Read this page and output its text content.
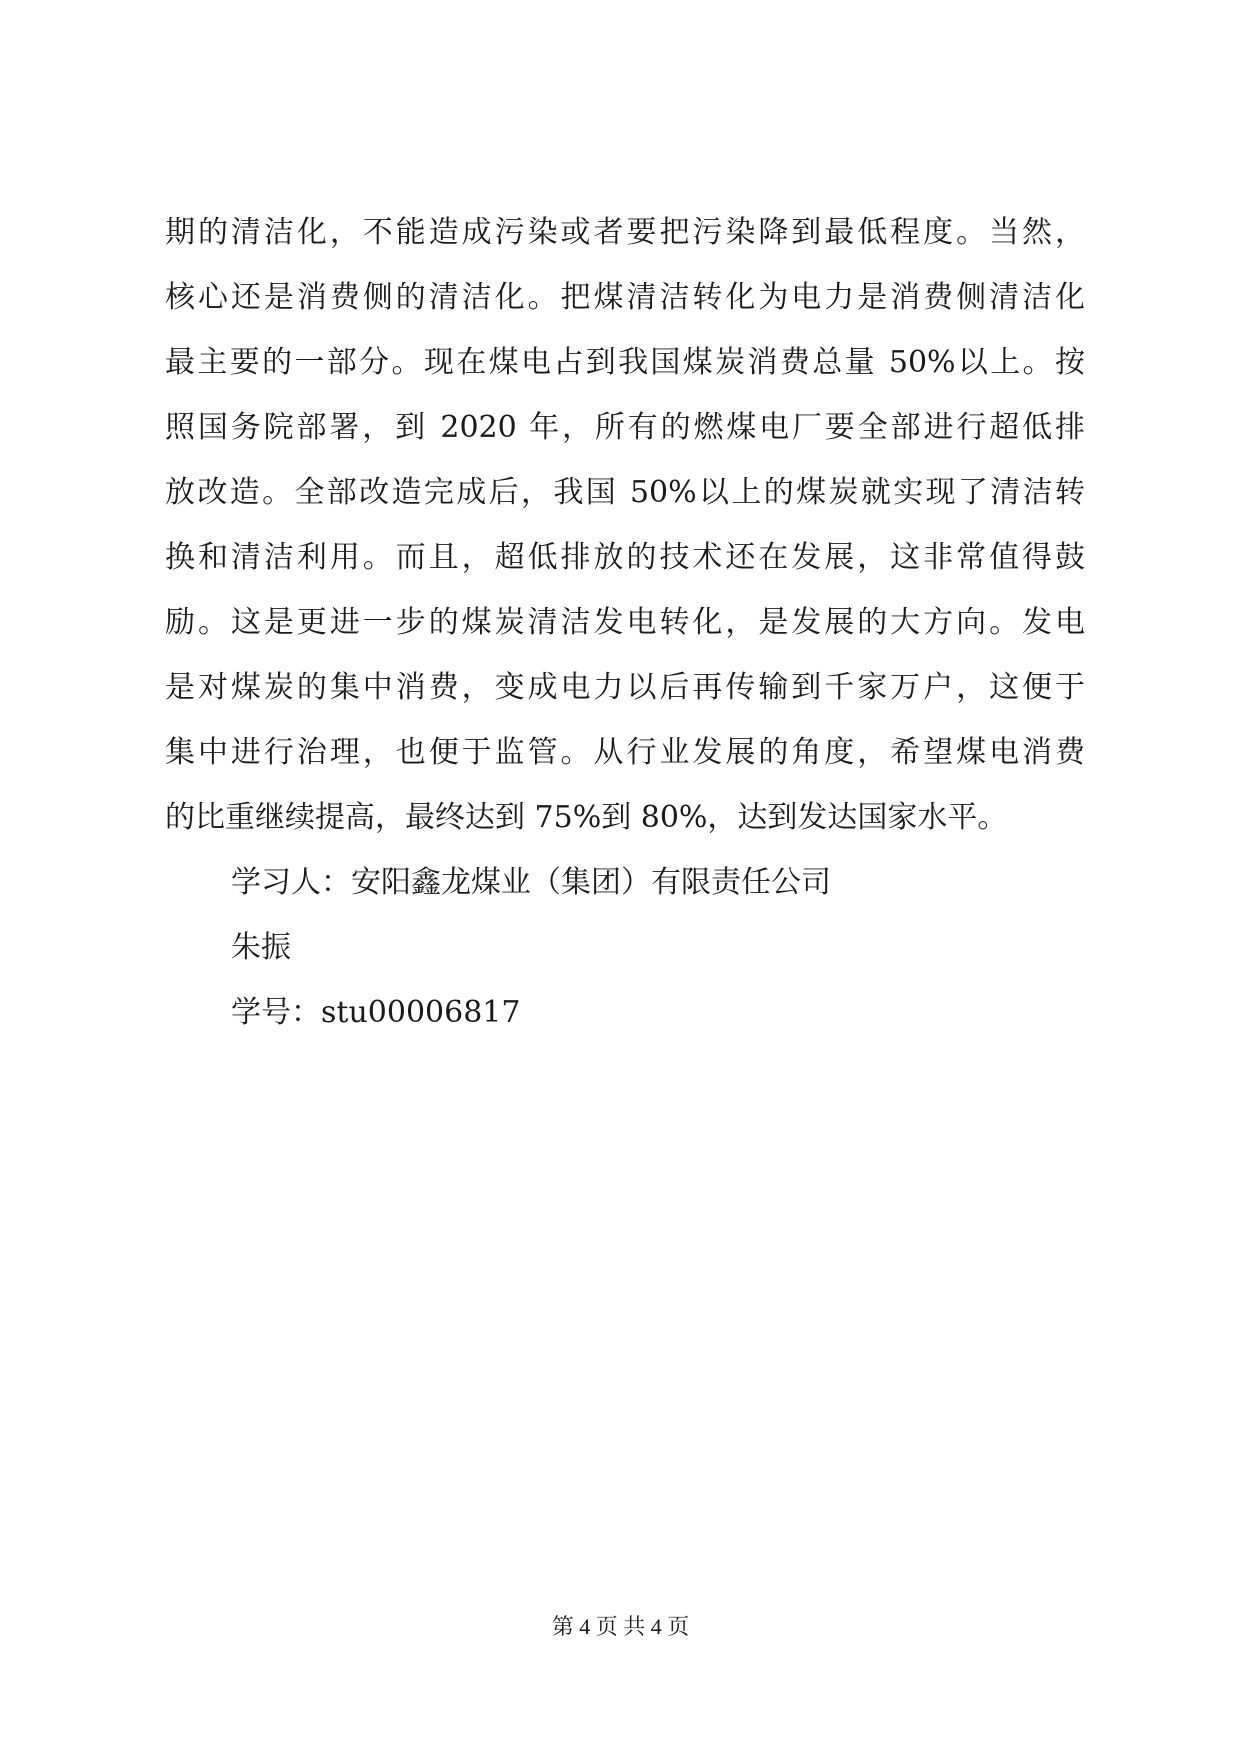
期的清洁化，不能造成污染或者要把污染降到最低程度。当然，
核心还是消费侧的清洁化。把煤清洁转化为电力是消费侧清洁化
最主要的一部分。现在煤电占到我国煤炭消费总量 50%以上。按
照国务院部署，到 2020 年，所有的燃煤电厂要全部进行超低排
放改造。全部改造完成后，我国 50%以上的煤炭就实现了清洁转
换和清洁利用。而且，超低排放的技术还在发展，这非常值得鼓
励。这是更进一步的煤炭清洁发电转化，是发展的大方向。发电
是对煤炭的集中消费，变成电力以后再传输到千家万户，这便于
集中进行治理，也便于监管。从行业发展的角度，希望煤电消费
的比重继续提高，最终达到 75%到 80%，达到发达国家水平。
学习人：安阳鑫龙煤业（集团）有限责任公司
朱振
学号：stu00006817
第 4 页 共 4 页
